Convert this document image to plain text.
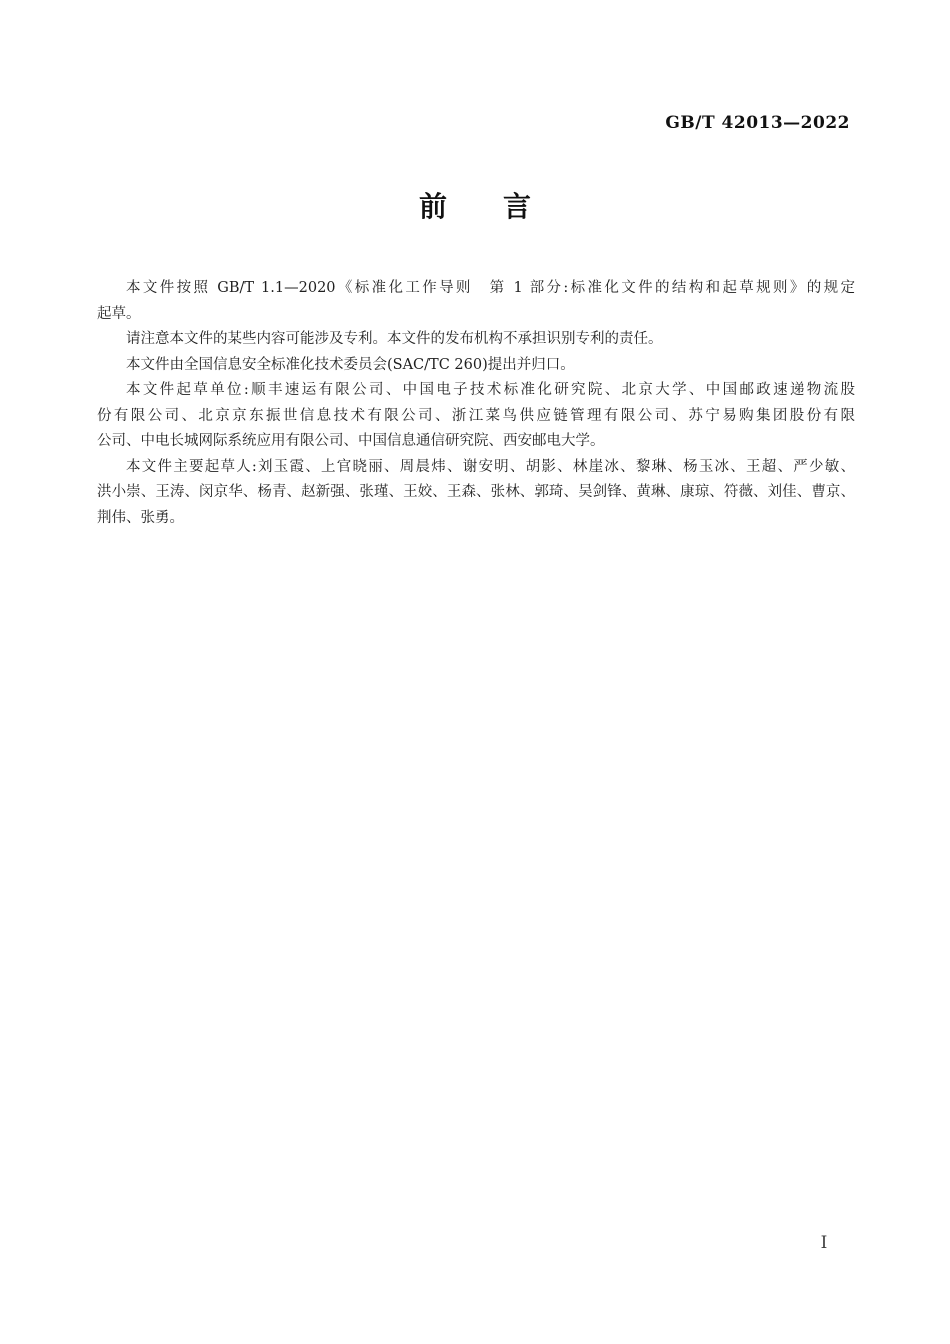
GB/T 42013—2022
前　　言
本文件按照 GB/T 1.1—2020《标准化工作导则　第 1 部分:标准化文件的结构和起草规则》的规定
起草。
请注意本文件的某些内容可能涉及专利。本文件的发布机构不承担识别专利的责任。
本文件由全国信息安全标准化技术委员会(SAC/TC 260)提出并归口。
本文件起草单位:顺丰速运有限公司、中国电子技术标准化研究院、北京大学、中国邮政速递物流股
份有限公司、北京京东振世信息技术有限公司、浙江菜鸟供应链管理有限公司、苏宁易购集团股份有限
公司、中电长城网际系统应用有限公司、中国信息通信研究院、西安邮电大学。
本文件主要起草人:刘玉霞、上官晓丽、周晨炜、谢安明、胡影、林崖冰、黎琳、杨玉冰、王超、严少敏、
洪小崇、王涛、闵京华、杨青、赵新强、张瑾、王姣、王森、张林、郭琦、吴剑锋、黄琳、康琼、符薇、刘佳、曹京、
荆伟、张勇。
I
